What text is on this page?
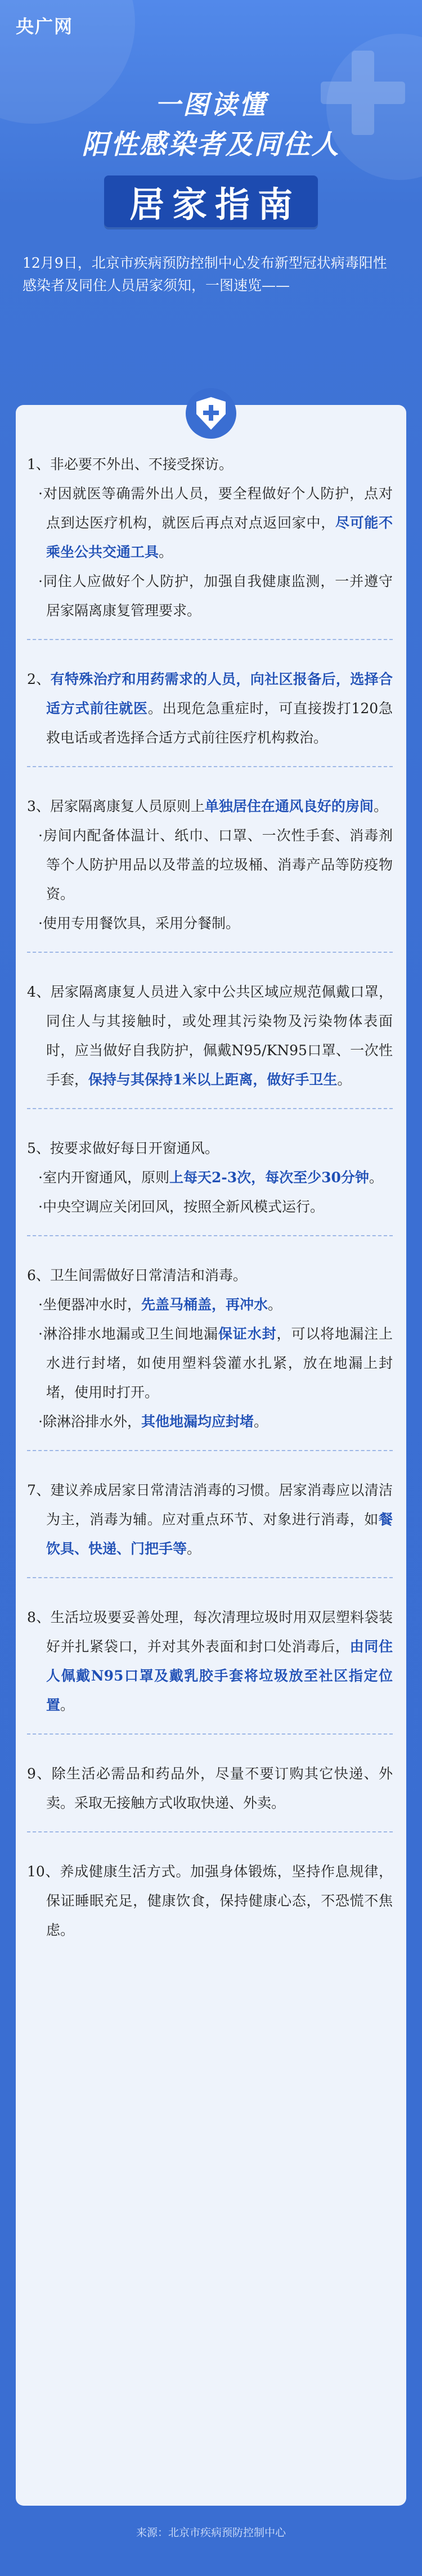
央广网
一图读懂
阳性感染者及同住人
居家指南
12月9日，北京市疾病预防控制中心发布新型冠状病毒阳性感染者及同住人员居家须知，一图速览——

1、非必要不外出、不接受探访。

·对因就医等确需外出人员，要全程做好个人防护，点对点到达医疗机构，就医后再点对点返回家中，尽可能不乘坐公共交通工具。

·同住人应做好个人防护，加强自我健康监测，一并遵守居家隔离康复管理要求。

2、有特殊治疗和用药需求的人员，向社区报备后，选择合适方式前往就医。出现危急重症时，可直接拨打120急救电话或者选择合适方式前往医疗机构救治。

3、居家隔离康复人员原则上单独居住在通风良好的房间。

·房间内配备体温计、纸巾、口罩、一次性手套、消毒剂等个人防护用品以及带盖的垃圾桶、消毒产品等防疫物资。

·使用专用餐饮具，采用分餐制。

4、居家隔离康复人员进入家中公共区域应规范佩戴口罩，同住人与其接触时，或处理其污染物及污染物体表面时，应当做好自我防护，佩戴N95/KN95口罩、一次性手套，保持与其保持1米以上距离，做好手卫生。

5、按要求做好每日开窗通风。

·室内开窗通风，原则上每天2-3次，每次至少30分钟。

·中央空调应关闭回风，按照全新风模式运行。

6、卫生间需做好日常清洁和消毒。

·坐便器冲水时，先盖马桶盖，再冲水。

·淋浴排水地漏或卫生间地漏保证水封，可以将地漏注上水进行封堵，如使用塑料袋灌水扎紧，放在地漏上封堵，使用时打开。

·除淋浴排水外，其他地漏均应封堵。

7、建议养成居家日常清洁消毒的习惯。居家消毒应以清洁为主，消毒为辅。应对重点环节、对象进行消毒，如餐饮具、快递、门把手等。

8、生活垃圾要妥善处理，每次清理垃圾时用双层塑料袋装好并扎紧袋口，并对其外表面和封口处消毒后，由同住人佩戴N95口罩及戴乳胶手套将垃圾放至社区指定位置。

9、除生活必需品和药品外，尽量不要订购其它快递、外卖。采取无接触方式收取快递、外卖。

10、养成健康生活方式。加强身体锻炼，坚持作息规律，保证睡眠充足，健康饮食，保持健康心态，不恐慌不焦虑。

来源：北京市疾病预防控制中心
